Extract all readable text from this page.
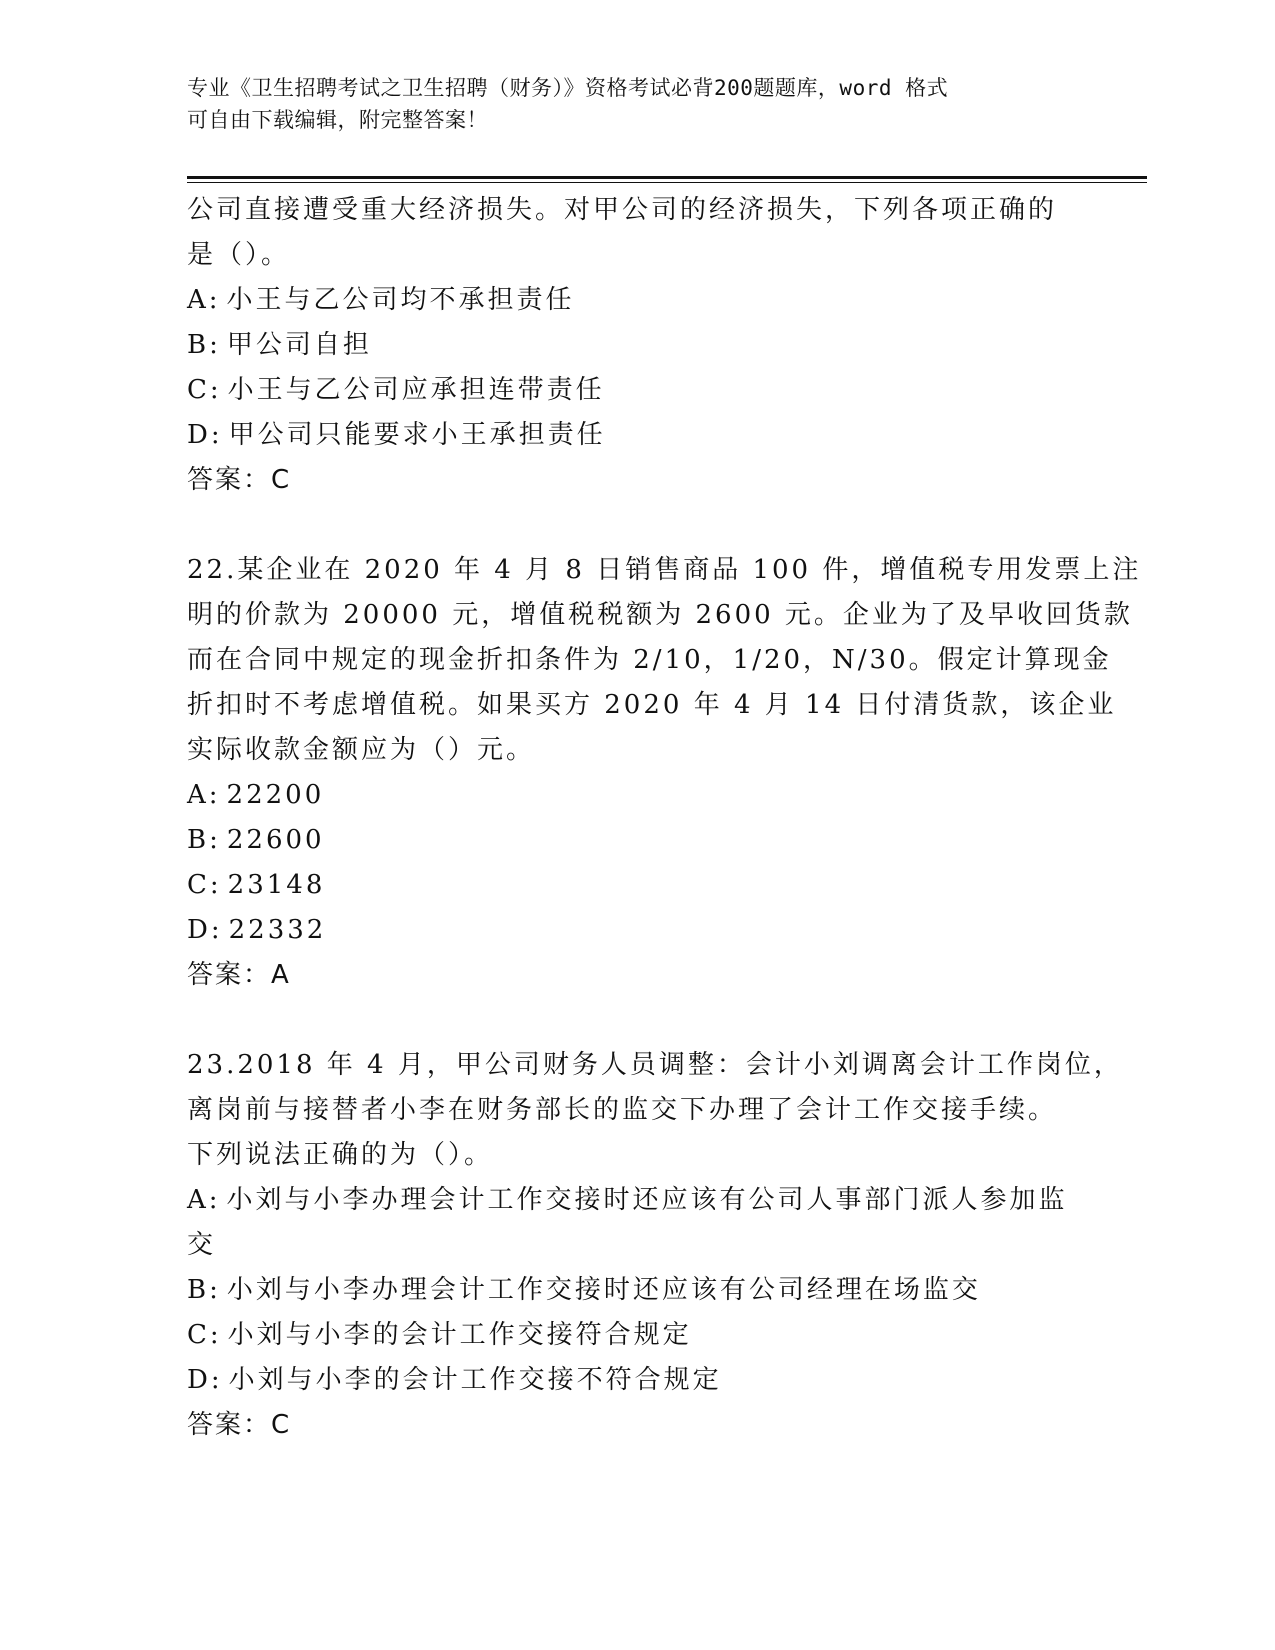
专业《卫生招聘考试之卫生招聘（财务）》资格考试必背200题题库，word 格式
可自由下载编辑，附完整答案！
公司直接遭受重大经济损失。对甲公司的经济损失，下列各项正确的
是（）。
A: 小王与乙公司均不承担责任
B: 甲公司自担
C: 小王与乙公司应承担连带责任
D: 甲公司只能要求小王承担责任
答案：C
22.某企业在 2020 年 4 月 8 日销售商品 100 件，增值税专用发票上注
明的价款为 20000 元，增值税税额为 2600 元。企业为了及早收回货款
而在合同中规定的现金折扣条件为 2/10，1/20，N/30。假定计算现金
折扣时不考虑增值税。如果买方 2020 年 4 月 14 日付清货款，该企业
实际收款金额应为（）元。
A: 22200
B: 22600
C: 23148
D: 22332
答案：A
23.2018 年 4 月，甲公司财务人员调整：会计小刘调离会计工作岗位，
离岗前与接替者小李在财务部长的监交下办理了会计工作交接手续。
下列说法正确的为（）。
A: 小刘与小李办理会计工作交接时还应该有公司人事部门派人参加监
交
B: 小刘与小李办理会计工作交接时还应该有公司经理在场监交
C: 小刘与小李的会计工作交接符合规定
D: 小刘与小李的会计工作交接不符合规定
答案：C
